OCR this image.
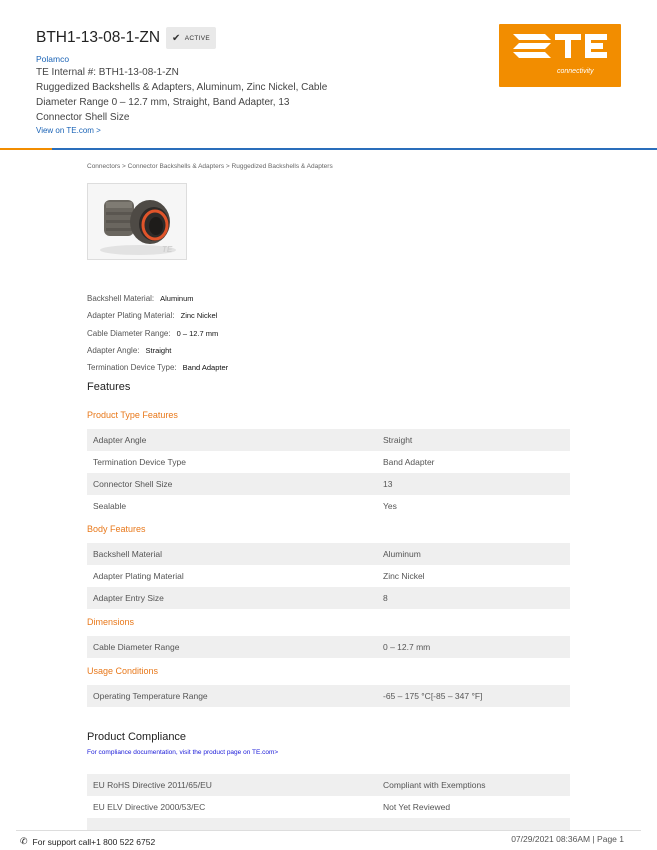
BTH1-13-08-1-ZN ✔ ACTIVE
Polamco
TE Internal #: BTH1-13-08-1-ZN
Ruggedized Backshells & Adapters, Aluminum, Zinc Nickel, Cable
Diameter Range 0 – 12.7 mm, Straight, Band Adapter, 13
Connector Shell Size
View on TE.com >
connectivity
Connectors > Connector Backshells & Adapters > Ruggedized Backshells & Adapters
TE
Backshell Material: Aluminum
Adapter Plating Material: Zinc Nickel
Cable Diameter Range: 0 – 12.7 mm
Adapter Angle: Straight
Termination Device Type: Band Adapter
Features
Product Type Features
Adapter Angle	Straight
Termination Device Type	Band Adapter
Connector Shell Size	13
Sealable	Yes
Body Features
Backshell Material	Aluminum
Adapter Plating Material	Zinc Nickel
Adapter Entry Size	8
Dimensions
Cable Diameter Range	0 – 12.7 mm
Usage Conditions
Operating Temperature Range	-65 – 175 °C[-85 – 347 °F]
Product Compliance
For compliance documentation, visit the product page on TE.com>
EU RoHS Directive 2011/65/EU	Compliant with Exemptions
EU ELV Directive 2000/53/EC	Not Yet Reviewed
✆ For support call+1 800 522 6752	07/29/2021 08:36AM | Page 1
